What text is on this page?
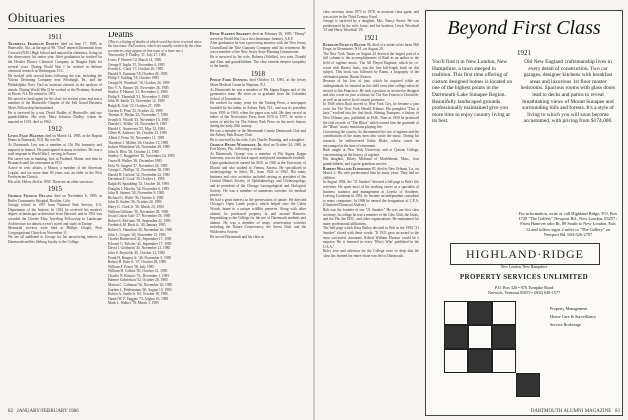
Obituaries
1911
Trumbull Franklin Dudley died on June 17, 1985, in Huntsville, Ala., at the age of 98. "Dud" entered Dartmouth from Concord (N.H.) High School and majored in chemistry, living on the observatory his senior year. After graduation he worked for the Hooker Electro Chemical Company in Niagara Falls for several years. During World War I he worked in defense chemical research in Washington, D.C.
He worked with several firms following the war, including the Vulcan Detinning Company near Pittsburgh, Pa., and the Philadelphia Navy Yard as assistant chemist in the analysis of metals. During World War II he worked at the Picatinny Arsenal in Dover, N.J. He retired in 1951.
He served as head agent for his class for several years and was a member of the Huntsville Chapter of the Fall Grand Business Men's Fellowship International.
He is survived by a son, David Dudley of Huntsville, and two grandchildren. His wife, Mary Johnson Dudley, whom he married in 1919, died in 1962.
1912
Lewis Page Maltbie died on March 14, 1985, at the Baptist Home in Bismarck, N.D. He was 96.
At Dartmouth Lew was a member of Chi Phi fraternity and majored in finance. He participated in many activities. He was a staff sergeant in World War I, serving in France.
His career was in banking, first in Portland, Maine, and then in Bismarck until his retirement in 1953.
Active in civic affairs, a Mason, a member of the American Legion, and for more than 60 years was an elder in the First Presbyterian Church.
His wife, Helen, died in 1950. There are no other survivors.
1915
George Francis Delano died on November 6, 1985, at Butler Community Hospital, Boulder, Colo.
George retired in 1957 from National Park Service, U.S. Department of the Interior. In 1923 he received his master's degree in landscape architecture from Harvard, and in 1932 was awarded the Charles Eliot Traveling Fellowship in Landscape Architecture for almost a year's travel and study in Europe.
Memorial services were held at Phillips Chapel, First Congregational Church on November 11.
We are all saddened to George for his unswerving interest in Dartmouth and his lifelong loyalty to the College.
Deaths
(This is a listing of deaths of which word has been received since the last issue. Full notices, which are usually written by the class secretaries, may appear in this issue or a later one.)
Trueworthy F. Dudley '11, July 27, 1985
Lewis P. Warren '12, March 14, 1985
George F. Inglis '15, November 4, 1985
Everett L. Clark '17, October 26, 1985
Harold A. Eastman '18, October 26, 1985
Philip T. Ealding '18, October 1985
George H. Woodruff '18, October 24, 1985
Eric V. A. Hauser '20, November 26, 1985
Stanley P. Hansen '21, November 2, 1985
Philip E. Thornhill '21, November 5, 1985
John W. Smith '21, November 12, 1985
Ralph R. Gale '23, October 27, 1985
Gordon E. Pratt '23, October 22, 1985
Thomas E. Phelan '23, November 7, 1985
Joseph G. Woods '23, November 14, 1985
Donald L. Wilder '24, November 9, 1985
Harold C. Sturtevant '25, May 12, 1984
Oliver B. Andrews '26, October 21, 1985
Albert J. Ferm '26, November 11, 1985
Theodore J. Mallett '26, October 15, 1985
Judson Whitehead '26, November 29, 1985
John A. Bliss '26, October 21, 1985
Stanley C. Roggerber '26, November 24, 1985
Owen H. Walker '26, December 1985
Hoyt W. Sargent '27, November 26, 1985
George L. Phillips '31, November 18, 1985
Harold H. Carlson '32, November 22, 1985
Davidson E. Cook '33, October 1, 1985
Ralph M. Spaulding '33, October 16, 1985
Douglas J. Hawley '34, November 6, 1985
John B. Stearns '34, November 9, 1985
Richard G. Wolfe '36, October 6, 1985
John D. Stokes '36, October 20, 1985
Harry G. Clark Jr. '36, March 23, 1984
William Gibbons '36, November 28, 1985
Justin Cotton Gale '37, November 18, 1985
Robert S. McGann '39, September 22, 1985
Frederick M. Buck Jr. '40, January 1985
Robert G. Hamilton '40, November 26, 1985
John L. Cooper '40, November 13, 1985
Charles Rutherford '41, September 17, 1985
Edward G. Pulsifer '42, September 17, 1985
David I. Goldstein '45, November 21, 1985
John S. Reynolds '45, October 21, 1985
Frank H. Burgess Jr. '46, November 5, 1985
Robert H. Binn Jr. '47, October 28, 1985
William F. Foster '50, July 1985
William H. Collins '50, October 21, 1985
Charles N. Bristow '51, December 1, 1985
Harmer Gabrielson '52, October 20, 1985
Marion C. Coleman '56, November 20, 1985
Gordon L. Feldermann '60, August 13, 1985
Robert A. Steele Jr. '65, October 18, 1985
Daniel W. F. Taggart '73, August 10, 1985
Mark L. Walker '78, March 1, 1985
Denis Warren Sharkey died on February 26, 1985. "Denny" served in World War I as a first lieutenant, Infantry, A.E.F.
After graduation he was a practicing attorney with the New Jersey Councilland the Title Guaranty Company until his retirement. He was a member of the New Jersey State Planning Commission.
He is survived by his wife, Roberta (Schiller), two sons, Donald and Alan, and grandchildren. The class extends deepest sympathy to the family.
1918
Philip Ford Dunning died October 13, 1985, at the Jersey Shore Medical Center in Neptune, N.J.
At Dartmouth he was a member of Phi Sigma Kappa and of the gymnastics team. He went on to graduate from the Columbia School of Journalism.
He worked for many years for the Tenting Press, a newspaper founded by his father, in Asbury Park, N.J., and was its president from 1959 to 1963, when the paper was sold. He then served as editor of the Newscaster Press from 1970 to 1977, he wrote a series of articles for The Asbury Park Press on the area's history during the early 20th century.
He was a member of the Monmouth County Dartmouth Club and the Asbury Park Rotary Club.
He is survived by his wife, Lyla Charles Dunning, and a daughter.
George Henry Woodruff, Jr. died on October 24, 1985, in Fort Myers, Fla., following a stroke.
At Dartmouth, George was a member of Phi Sigma Kappa fraternity, was on the track squad, and played intramurals football.
Upon graduation he earned his M.D. in 1920 at the University of Illinois and also studied in Vienna, Austria. He specialized in otolaryngology in Joliet, Ill., from 1922 to 1962. His many business and civic activities included serving as president of the Central Illinois Society of Ophthalmology and Otolaryngology and as president of the Chicago Laryngological and Otological Society. He was a member of numerous societies for medical practice.
He had a great interest in the preservation of nature. He directed Chicago's Open Lands project, which helped save the Cabin Woods, home to a unique wildlife preserve. Along with other alumni, he purchased property in and around Hanover, bequeathing to the College for the use of Dartmouth students and alumni. He was a member of many conservation societies including the Nature Conservancy, the Sierra Club, and the Wilderness Society.
He served Dartmouth and his class as
82 JANUARY/FEBRUARY 1986
class secretary from 1973 to 1978, as assistant class agent, and was active in the Third Century Fund.
George is survived by a daughter, Mrs. Nancy Sweet. He was predeceased by his wife, Irene, and his brothers, Lewis Woodruff '23 and Harry Woodruff '28.
1921
Rudolph Pickett Buzzie 86, died of a stroke at his farm, Hill Forge, in Glenmoore, N.H., on August 20.
The New York Times on August 24 devoted the largest part of a full column to the accomplishments of Rudi as an author in the field of ragtime music. The All Played Ragtime, which he co-wrote with Harriet Janis, was the first full-length book on this subject. This book was followed by Kantu, a biography of the celebrated pianist, Buster Keaton.
Because of his love of jazz, which he acquired while an undergraduate, he insisted on this field even after college when he moved to San Francisco. He took a position as an interior designer and also wrote on jazz criticism for The San Francisco Chronicle, as well as an active local concert promoter.
In 1946 when Rudi moved to New York City, he became a jazz critic for The New York Herald Tribune. His pamphlet "This is Jazz," evolved into his first book, Shining Trumpets, a history of New Orleans jazz, published in 1946. Then in 1950 he produced the first records of "The Blues" which earned him the gratitude of the "Blues" music musicians playing live.
Concerning the country, he documented the rise of ragtime and the contributions of the many men who wrote the music. During his research, he rediscovered Eubie Blake, whose career he encouraged at the time of retirement.
Rudi taught at New York University and at Queens College, concentrating on the history of ragtime.
His daughter, Hilary Michaud of Marblehead, Mass., four grandchildren, and a great-grandson survive.
Robert William Elderidge 83, died in New Orleans, La., on March 2. His wife predeceased him by many years. They had no children.
In August 1984, the "21 Smoker" devoted a full page to Bob's life activities. He spent most of his working career as a specialist of business statistics and management at Loyola of Southern. Leaving Louisiana in 1961, he became an independent consultant to many companies. In 1968 he earned the designation of C.F.A. (Chartered Financial Analyst).
Bob was the founder of our "21 Smoker." He was our first class secretary. In college he was a member of the Glee Club, the Jacko, and the Phi, the DOC, and other organizations. He maintained his many professional affiliations.
The half page which Russ Bailey devoted to Bob in the 1984 "21 Smoker" closed with these words: "If 1921 gave an award to the most successful classmate, Robert William Elsasser would be a surprise. He is featured in every 'Who's Who' published in the U.S.A."
Bob's love and affection for the College were so deep that the class has learned his entire estate was left to Dartmouth.
Beyond First Class
1921
You'll find it in New London, New Hampshire, a town steeped in tradition. This first time offering of custom designed homes is located on one of the highest points in the Dartmouth-Lake Sunapee Region. Beautifully landscaped grounds professionally maintained give you more time to enjoy country living at its best.
Old New England craftsmanship lives in every detail of construction. Two car garages, designer kitchens with breakfast areas and luxurious 1st floor master bedrooms. Spacious rooms with glass doors lead to decks and patios to reveal breathtaking views of Mount Sunapee and surrounding hills and forests. It's a style of living to which you will soon become accustomed, with pricing from $174,000.
For information, write or call Highland Ridge, P.O. Box 1720 "The Gallery" Newport Rd., New London, 03257 / From Hanover take Rt. 89 South to New London, Exit 12 and follow signs 2 miles to "The Gallery" on Newport Rd. 603-526-2707
HIGHLAND·RIDGE
New London, New Hampshire
PROPERTY SERVICES UNLIMITED
P.O. Box 320 • 976 Turnpike Road
Norwich, Vermont 05055 • (802) 649-1577
Property Management
House Care & Surveillance
Service Brokerage
DARTMOUTH ALUMNI MAGAZINE 83
